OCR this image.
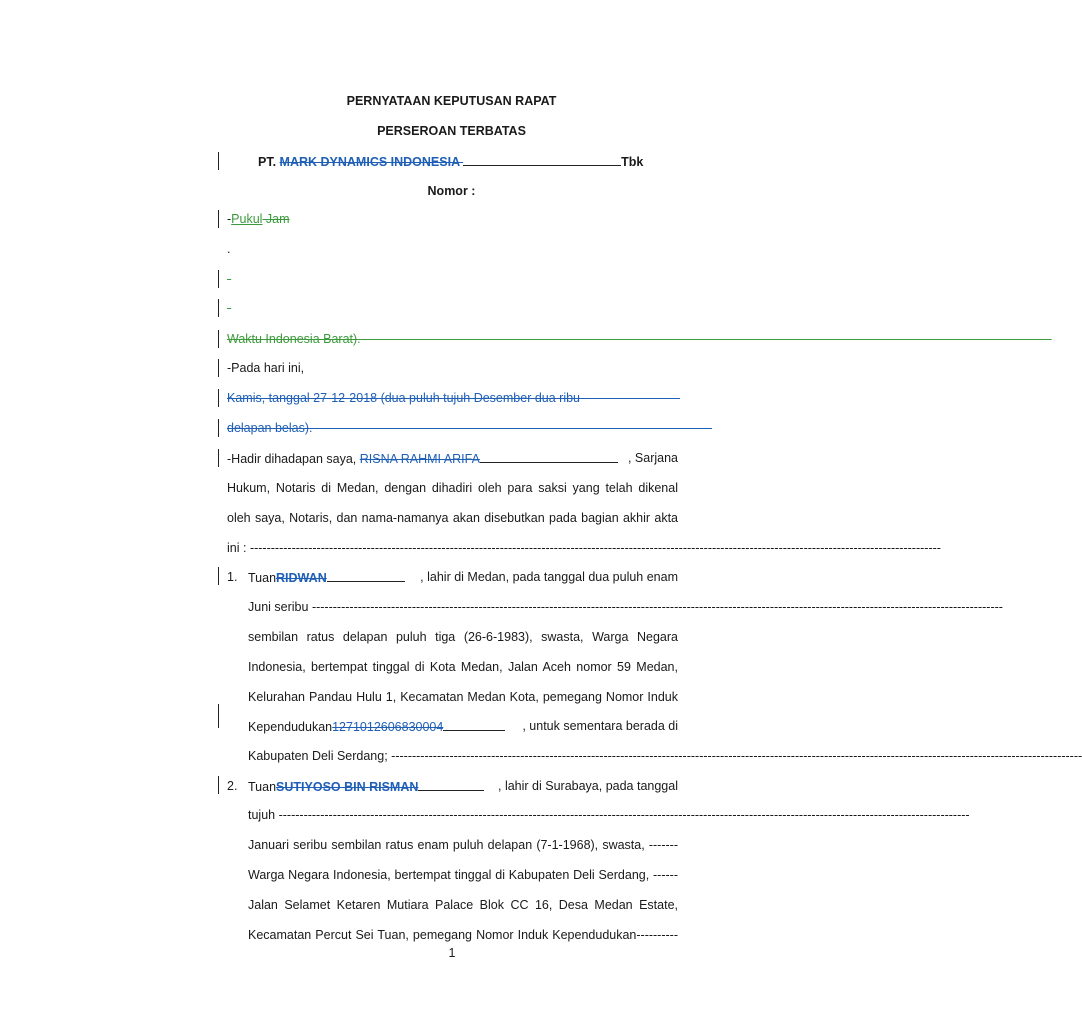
PERNYATAAN KEPUTUSAN RAPAT
PERSEROAN TERBATAS
PT. MARK DYNAMICS INDONESIA	Tbk
Nomor :
-Pukul Jam
.
-
-
Waktu Indonesia Barat).----------------------------------------------------------------------------------------------------------------------------------------------------------------------
-Pada hari ini,
Kamis, tanggal 27-12-2018 (dua puluh tujuh Desember dua ribu
delapan belas).
-Hadir dihadapan saya, RISNA RAHMI ARIFA	, Sarjana
Hukum, Notaris di Medan, dengan dihadiri oleh para saksi yang telah dikenal
oleh saya, Notaris, dan nama-namanya akan disebutkan pada bagian akhir akta
ini : ----------------------------------------------------------------------------------------------------------------------------------------------------------------------
1. TuanRIDWAN	, lahir di Medan, pada tanggal dua puluh enam
Juni seribu ----------------------------------------------------------------------------------------------------------------------------------------------------------------------
sembilan ratus delapan puluh tiga (26-6-1983), swasta, Warga Negara
Indonesia, bertempat tinggal di Kota Medan, Jalan Aceh nomor 59 Medan,
Kelurahan Pandau Hulu 1, Kecamatan Medan Kota, pemegang Nomor Induk
Kependudukan1271012606830004	, untuk sementara berada di
Kabupaten Deli Serdang; ----------------------------------------------------------------------------------------------------------------------------------------------------------------------
2. TuanSUTIYOSO BIN RISMAN	, lahir di Surabaya, pada tanggal
tujuh ----------------------------------------------------------------------------------------------------------------------------------------------------------------------
Januari seribu sembilan ratus enam puluh delapan (7-1-1968), swasta, -------
Warga Negara Indonesia, bertempat tinggal di Kabupaten Deli Serdang, ------
Jalan Selamet Ketaren Mutiara Palace Blok CC 16, Desa Medan Estate,
Kecamatan Percut Sei Tuan, pemegang Nomor Induk Kependudukan----------
1
